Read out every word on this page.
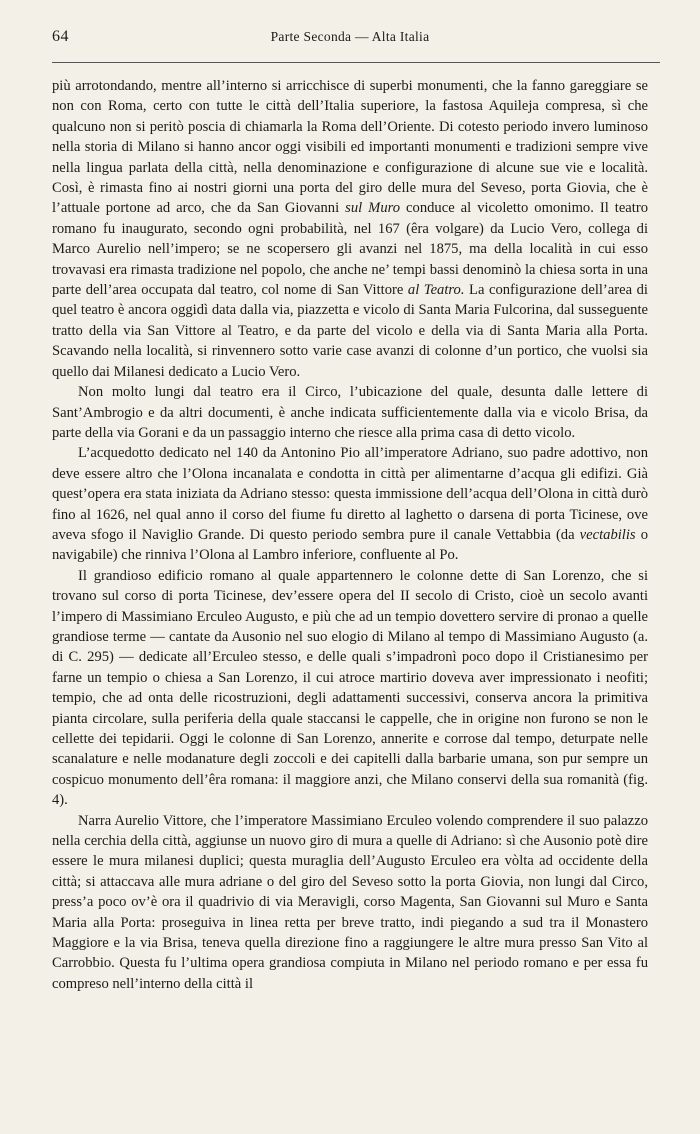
64	Parte Seconda — Alta Italia

più arrotondando, mentre all’interno si arricchisce di superbi monumenti, che la fanno gareggiare se non con Roma, certo con tutte le città dell’Italia superiore, la fastosa Aquileja compresa, sì che qualcuno non si peritò poscia di chiamarla la Roma dell’Oriente. Di cotesto periodo invero luminoso nella storia di Milano si hanno ancor oggi visibili ed importanti monumenti e tradizioni sempre vive nella lingua parlata della città, nella denominazione e configurazione di alcune sue vie e località. Così, è rimasta fino ai nostri giorni una porta del giro delle mura del Seveso, porta Giovia, che è l’attuale portone ad arco, che da San Giovanni sul Muro conduce al vicoletto omonimo. Il teatro romano fu inaugurato, secondo ogni probabilità, nel 167 (êra volgare) da Lucio Vero, collega di Marco Aurelio nell’impero; se ne scopersero gli avanzi nel 1875, ma della località in cui esso trovavasi era rimasta tradizione nel popolo, che anche ne’ tempi bassi denominò la chiesa sorta in una parte dell’area occupata dal teatro, col nome di San Vittore al Teatro. La configurazione dell’area di quel teatro è ancora oggidì data dalla via, piazzetta e vicolo di Santa Maria Fulcorina, dal susseguente tratto della via San Vittore al Teatro, e da parte del vicolo e della via di Santa Maria alla Porta. Scavando nella località, si rinvennero sotto varie case avanzi di colonne d’un portico, che vuolsi sia quello dai Milanesi dedicato a Lucio Vero.

Non molto lungi dal teatro era il Circo, l’ubicazione del quale, desunta dalle lettere di Sant’Ambrogio e da altri documenti, è anche indicata sufficientemente dalla via e vicolo Brisa, da parte della via Gorani e da un passaggio interno che riesce alla prima casa di detto vicolo.

L’acquedotto dedicato nel 140 da Antonino Pio all’imperatore Adriano, suo padre adottivo, non deve essere altro che l’Olona incanalata e condotta in città per alimentarne d’acqua gli edifizi. Già quest’opera era stata iniziata da Adriano stesso: questa immissione dell’acqua dell’Olona in città durò fino al 1626, nel qual anno il corso del fiume fu diretto al laghetto o darsena di porta Ticinese, ove aveva sfogo il Naviglio Grande. Di questo periodo sembra pure il canale Vettabbia (da vectabilis o navigabile) che rinniva l’Olona al Lambro inferiore, confluente al Po.

Il grandioso edificio romano al quale appartennero le colonne dette di San Lorenzo, che si trovano sul corso di porta Ticinese, dev’essere opera del II secolo di Cristo, cioè un secolo avanti l’impero di Massimiano Erculeo Augusto, e più che ad un tempio dovettero servire di pronao a quelle grandiose terme — cantate da Ausonio nel suo elogio di Milano al tempo di Massimiano Augusto (a. di C. 295) — dedicate all’Erculeo stesso, e delle quali s’impadronì poco dopo il Cristianesimo per farne un tempio o chiesa a San Lorenzo, il cui atroce martirio doveva aver impressionato i neofiti; tempio, che ad onta delle ricostruzioni, degli adattamenti successivi, conserva ancora la primitiva pianta circolare, sulla periferia della quale staccansi le cappelle, che in origine non furono se non le cellette dei tepidarii. Oggi le colonne di San Lorenzo, annerite e corrose dal tempo, deturpate nelle scanalature e nelle modanature degli zoccoli e dei capitelli dalla barbarie umana, son pur sempre un cospicuo monumento dell’êra romana: il maggiore anzi, che Milano conservi della sua romanità (fig. 4).

Narra Aurelio Vittore, che l’imperatore Massimiano Erculeo volendo comprendere il suo palazzo nella cerchia della città, aggiunse un nuovo giro di mura a quelle di Adriano: sì che Ausonio potè dire essere le mura milanesi duplici; questa muraglia dell’Augusto Erculeo era vòlta ad occidente della città; si attaccava alle mura adriane o del giro del Seveso sotto la porta Giovia, non lungi dal Circo, press’a poco ov’è ora il quadrivio di via Meravigli, corso Magenta, San Giovanni sul Muro e Santa Maria alla Porta: proseguiva in linea retta per breve tratto, indi piegando a sud tra il Monastero Maggiore e la via Brisa, teneva quella direzione fino a raggiungere le altre mura presso San Vito al Carrobbio. Questa fu l’ultima opera grandiosa compiuta in Milano nel periodo romano e per essa fu compreso nell’interno della città il
